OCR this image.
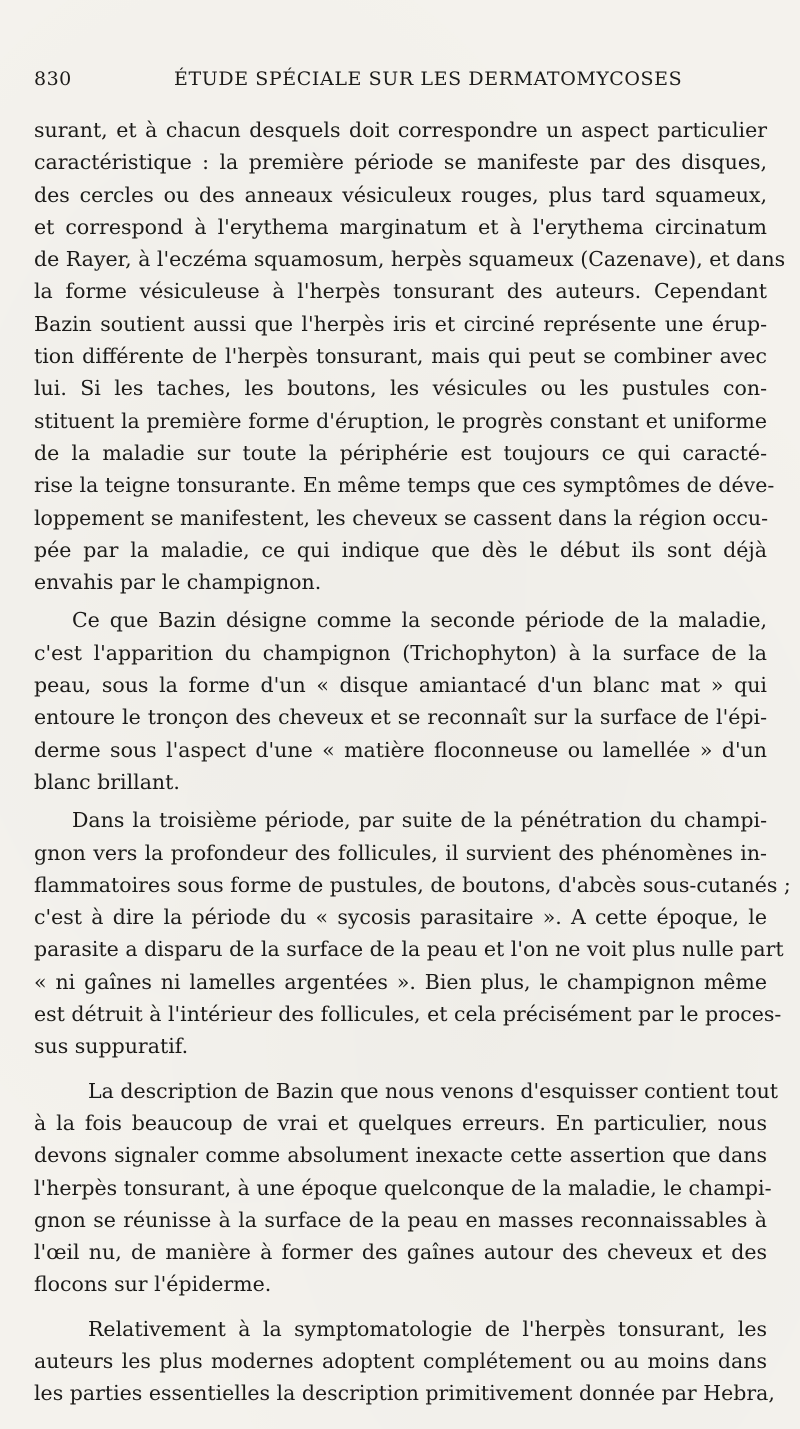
830	ÉTUDE SPÉCIALE SUR LES DERMATOMYCOSES
surant, et à chacun desquels doit correspondre un aspect particulier
caractéristique : la première période se manifeste par des disques,
des cercles ou des anneaux vésiculeux rouges, plus tard squameux,
et correspond à l'erythema marginatum et à l'erythema circinatum
de Rayer, à l'eczéma squamosum, herpès squameux (Cazenave), et dans
la forme vésiculeuse à l'herpès tonsurant des auteurs. Cependant
Bazin soutient aussi que l'herpès iris et circiné représente une érup-
tion différente de l'herpès tonsurant, mais qui peut se combiner avec
lui. Si les taches, les boutons, les vésicules ou les pustules con-
stituent la première forme d'éruption, le progrès constant et uniforme
de la maladie sur toute la périphérie est toujours ce qui caracté-
rise la teigne tonsurante. En même temps que ces symptômes de déve-
loppement se manifestent, les cheveux se cassent dans la région occu-
pée par la maladie, ce qui indique que dès le début ils sont déjà
envahis par le champignon.
Ce que Bazin désigne comme la seconde période de la maladie,
c'est l'apparition du champignon (Trichophyton) à la surface de la
peau, sous la forme d'un « disque amiantacé d'un blanc mat » qui
entoure le tronçon des cheveux et se reconnaît sur la surface de l'épi-
derme sous l'aspect d'une « matière floconneuse ou lamellée » d'un
blanc brillant.
Dans la troisième période, par suite de la pénétration du champi-
gnon vers la profondeur des follicules, il survient des phénomènes in-
flammatoires sous forme de pustules, de boutons, d'abcès sous-cutanés ;
c'est à dire la période du « sycosis parasitaire ». A cette époque, le
parasite a disparu de la surface de la peau et l'on ne voit plus nulle part
« ni gaînes ni lamelles argentées ». Bien plus, le champignon même
est détruit à l'intérieur des follicules, et cela précisément par le proces-
sus suppuratif.
La description de Bazin que nous venons d'esquisser contient tout
à la fois beaucoup de vrai et quelques erreurs. En particulier, nous
devons signaler comme absolument inexacte cette assertion que dans
l'herpès tonsurant, à une époque quelconque de la maladie, le champi-
gnon se réunisse à la surface de la peau en masses reconnaissables à
l'œil nu, de manière à former des gaînes autour des cheveux et des
flocons sur l'épiderme.
Relativement à la symptomatologie de l'herpès tonsurant, les
auteurs les plus modernes adoptent complétement ou au moins dans
les parties essentielles la description primitivement donnée par Hebra,
